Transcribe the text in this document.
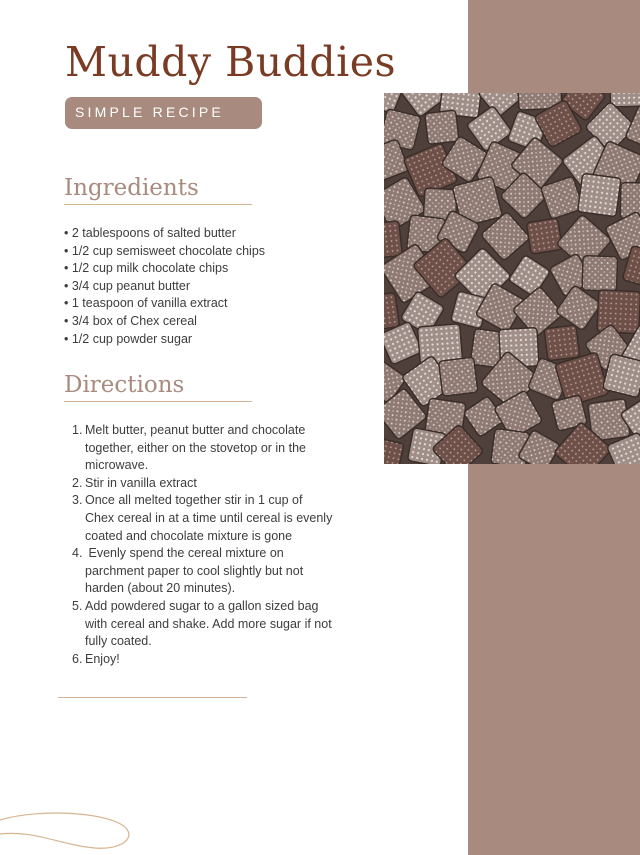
Muddy Buddies
SIMPLE RECIPE
Ingredients
• 2 tablespoons of salted butter
• 1/2 cup semisweet chocolate chips
• 1/2 cup milk chocolate chips
• 3/4 cup peanut butter
• 1 teaspoon of vanilla extract
• 3/4 box of Chex cereal
• 1/2 cup powder sugar
Directions
1. Melt butter, peanut butter and chocolate together, either on the stovetop or in the microwave.
2. Stir in vanilla extract
3. Once all melted together stir in 1 cup of Chex cereal in at a time until cereal is evenly coated and chocolate mixture is gone
4. Evenly spend the cereal mixture on parchment paper to cool slightly but not harden (about 20 minutes).
5. Add powdered sugar to a gallon sized bag with cereal and shake. Add more sugar if not fully coated.
6. Enjoy!
